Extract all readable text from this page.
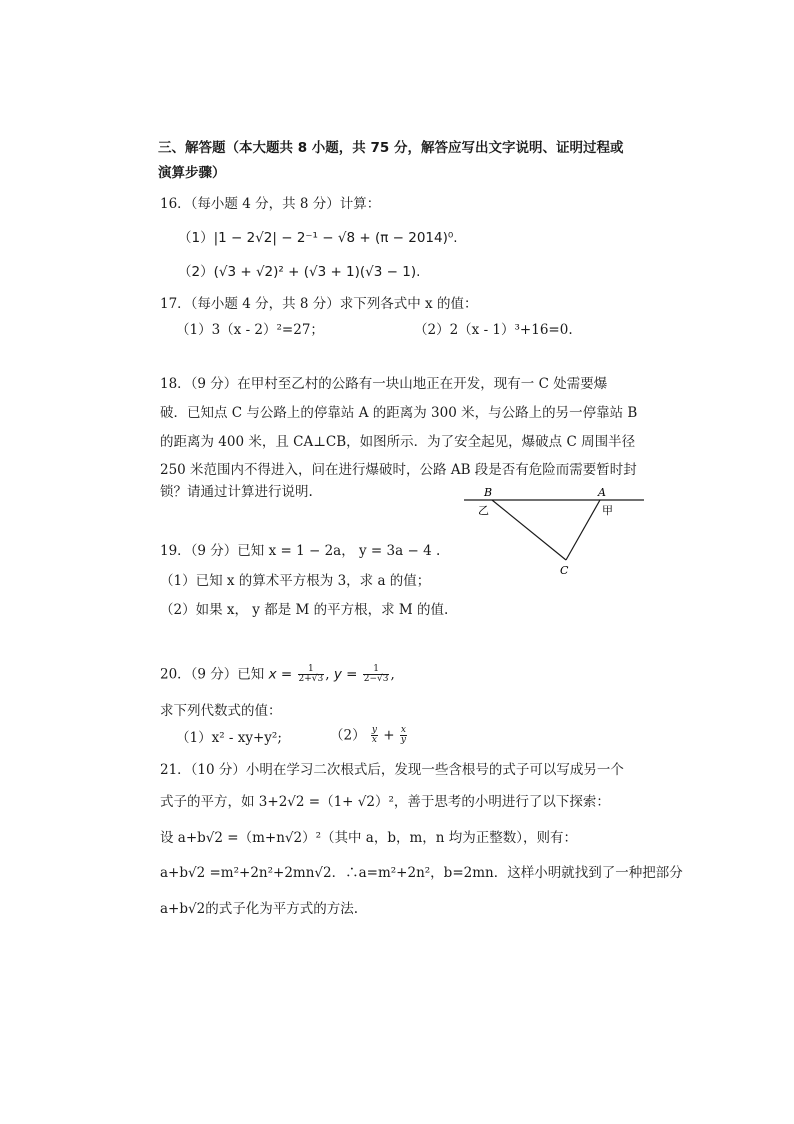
三、解答题（本大题共 8 小题，共 75 分，解答应写出文字说明、证明过程或
演算步骤）
16．（每小题 4 分，共 8 分）计算：
（1）|1 − 2√2| − 2⁻¹ − √8 + (π − 2014)⁰.
（2）(√3 + √2)² + (√3 + 1)(√3 − 1).
17．（每小题 4 分，共 8 分）求下列各式中 x 的值：
（1）3（x - 2）²=27；	（2）2（x - 1）³+16=0.
18．（9 分）在甲村至乙村的公路有一块山地正在开发，现有一 C 处需要爆
破．已知点 C 与公路上的停靠站 A 的距离为 300 米，与公路上的另一停靠站 B
的距离为 400 米，且 CA⊥CB，如图所示．为了安全起见，爆破点 C 周围半径
250 米范围内不得进入，问在进行爆破时，公路 AB 段是否有危险而需要暂时封
锁？请通过计算进行说明.	B	A
乙	甲
C
19．（9 分）已知 x = 1 − 2a， y = 3a − 4 .
（1）已知 x 的算术平方根为 3，求 a 的值；
（2）如果 x， y 都是 M 的平方根，求 M 的值.
20．（9 分）已知 $x = \frac{1}{2+√3}$ , $y = \frac{1}{2-√3}$ ,
求下列代数式的值：
（1）x² - xy+y²;	$(2) \frac{y}{x} + \frac{x}{y}$
21．（10 分）小明在学习二次根式后，发现一些含根号的式子可以写成另一个
式子的平方，如 3+2√2 =（1+ √2）²，善于思考的小明进行了以下探索：
设 a+b√2 =（m+n√2）²（其中 a，b，m，n 均为正整数），则有：
a+b√2 =m²+2n²+2mn√2．∴a=m²+2n²，b=2mn．这样小明就找到了一种把部分
a+b√2的式子化为平方式的方法.
